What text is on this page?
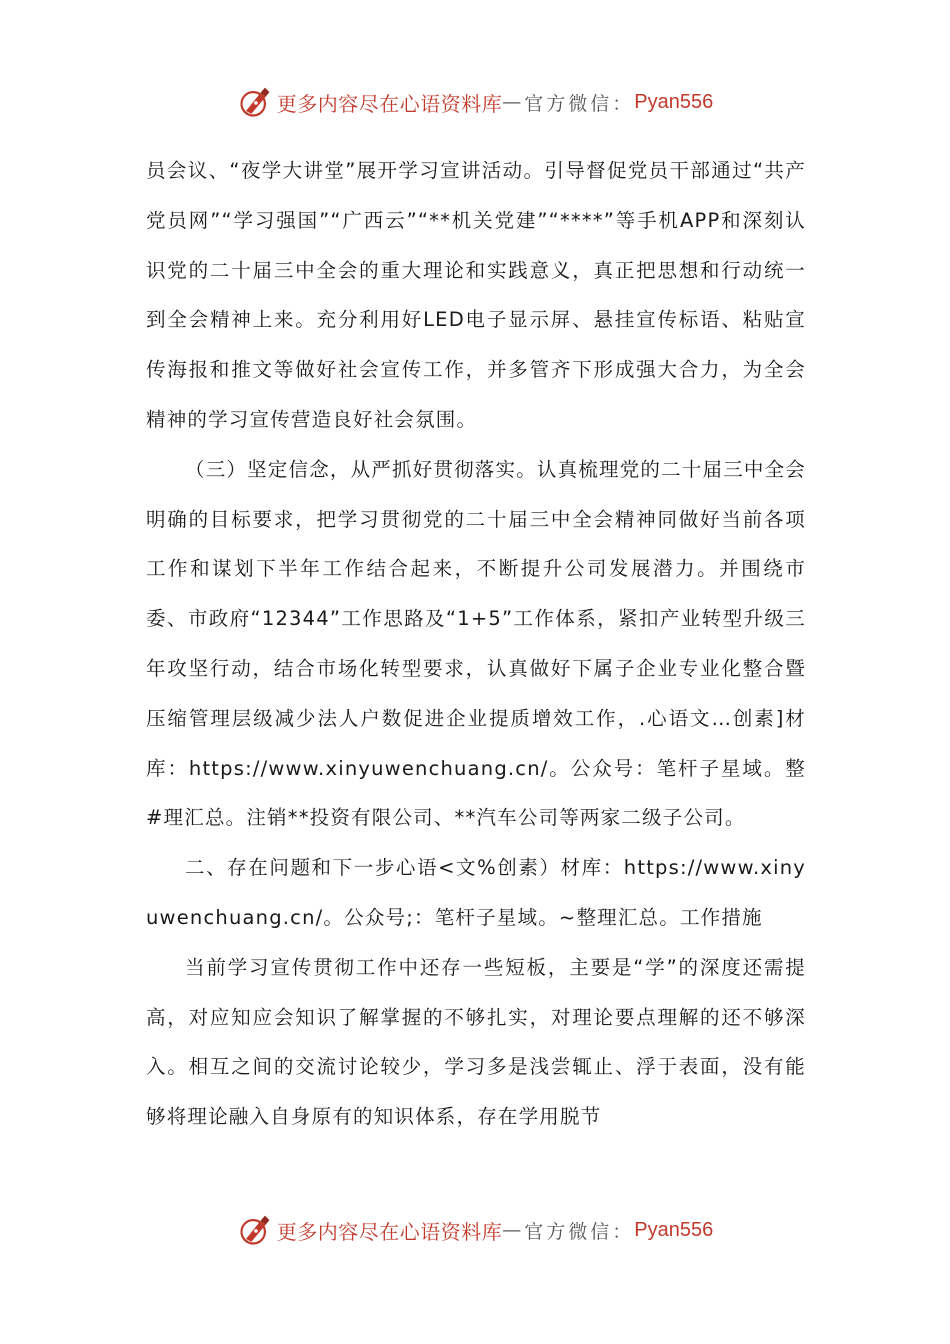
更多内容尽在心语资料库 — 官方微信： Pyan556

员会议、“夜学大讲堂”展开学习宣讲活动。引导督促党员干部通过“共产党员网”“学习强国”“广西云”“**机关党建”“****”等手机APP和深刻认识党的二十届三中全会的重大理论和实践意义，真正把思想和行动统一到全会精神上来。充分利用好LED电子显示屏、悬挂宣传标语、粘贴宣传海报和推文等做好社会宣传工作，并多管齐下形成强大合力，为全会精神的学习宣传营造良好社会氛围。

（三）坚定信念，从严抓好贯彻落实。认真梳理党的二十届三中全会明确的目标要求，把学习贯彻党的二十届三中全会精神同做好当前各项工作和谋划下半年工作结合起来，不断提升公司发展潜力。并围绕市委、市政府“12344”工作思路及“1+5”工作体系，紧扣产业转型升级三年攻坚行动，结合市场化转型要求，认真做好下属子企业专业化整合暨压缩管理层级减少法人户数促进企业提质增效工作，.心语文…创素]材库：https://www.xinyuwenchuang.cn/。公众号：笔杆子星域。整#理汇总。注销**投资有限公司、**汽车公司等两家二级子公司。

二、存在问题和下一步心语<文%创素）材库：https://www.xinyuwenchuang.cn/。公众号;：笔杆子星域。~整理汇总。工作措施

当前学习宣传贯彻工作中还存一些短板，主要是“学”的深度还需提高，对应知应会知识了解掌握的不够扎实，对理论要点理解的还不够深入。相互之间的交流讨论较少，学习多是浅尝辄止、浮于表面，没有能够将理论融入自身原有的知识体系，存在学用脱节

更多内容尽在心语资料库 — 官方微信： Pyan556
